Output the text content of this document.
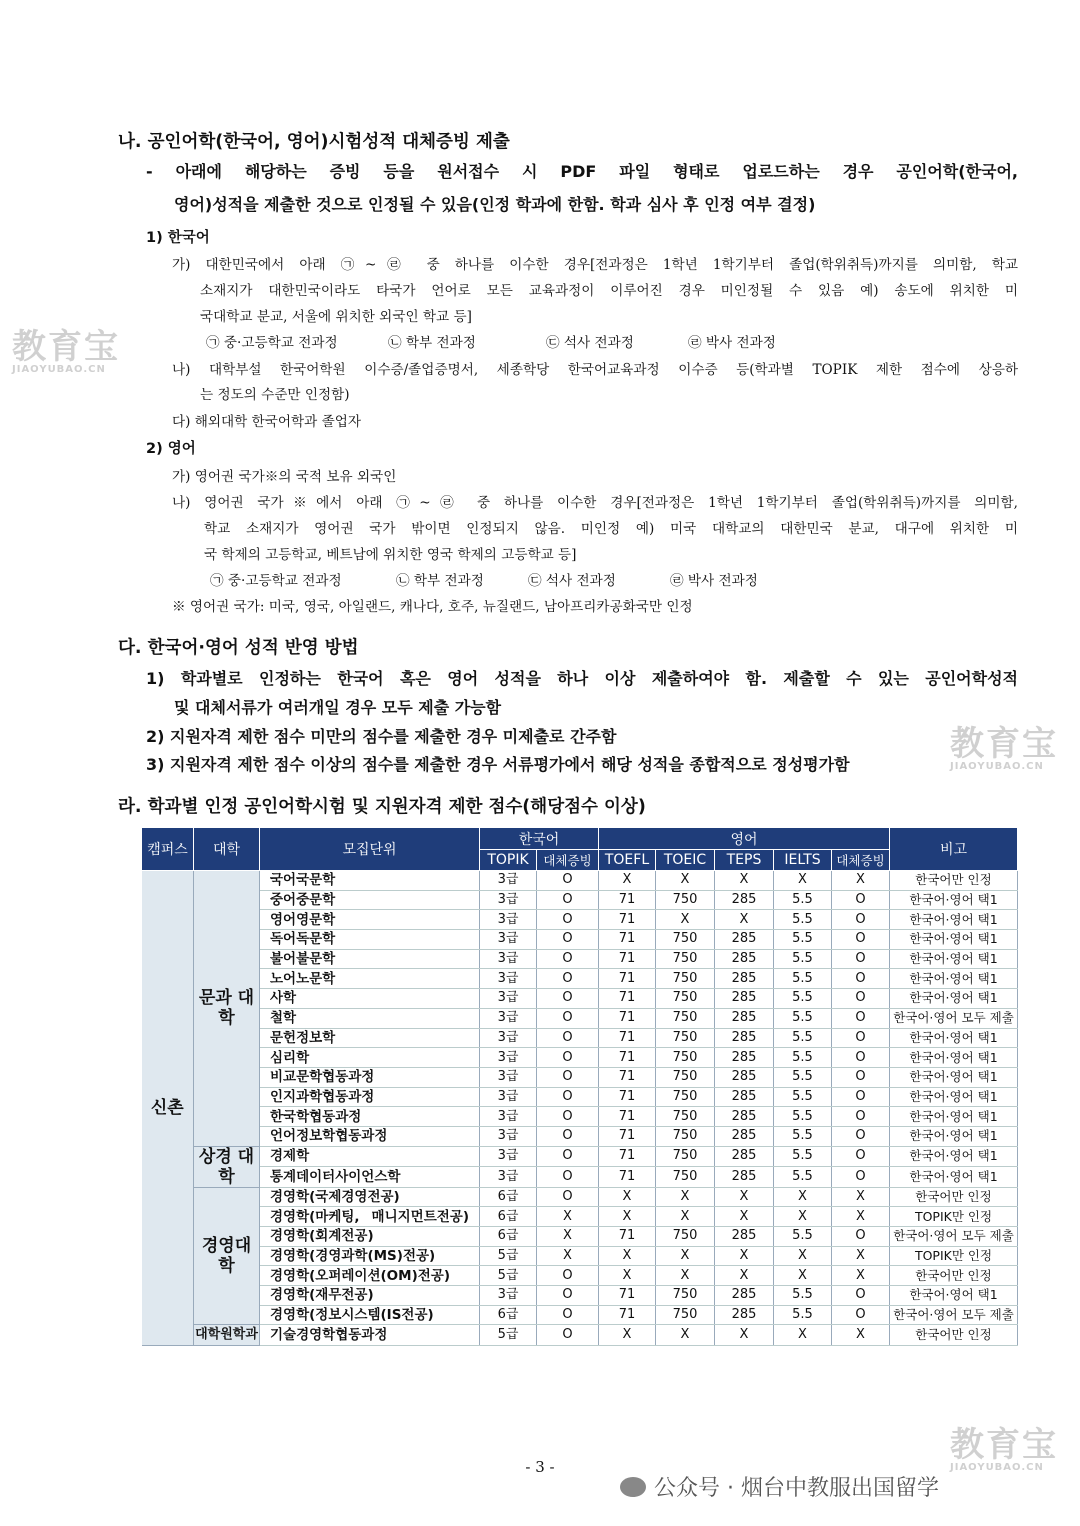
나. 공인어학(한국어, 영어)시험성적 대체증빙 제출
- 아래에 해당하는 증빙 등을 원서접수 시 PDF 파일 형태로 업로드하는 경우 공인어학(한국어,
영어)성적을 제출한 것으로 인정될 수 있음(인정 학과에 한함. 학과 심사 후 인정 여부 결정)
1) 한국어
가) 대한민국에서 아래 ㉠~㉣ 중 하나를 이수한 경우[전과정은 1학년 1학기부터 졸업(학위취득)까지를 의미함, 학교
소재지가 대한민국이라도 타국가 언어로 모든 교육과정이 이루어진 경우 미인정될 수 있음 예) 송도에 위치한 미
국대학교 분교, 서울에 위치한 외국인 학교 등]
㉠ 중·고등학교 전과정	㉡ 학부 전과정	㉢ 석사 전과정	㉣ 박사 전과정
나) 대학부설 한국어학원 이수증/졸업증명서, 세종학당 한국어교육과정 이수증 등(학과별 TOPIK 제한 점수에 상응하
는 정도의 수준만 인정함)
다) 해외대학 한국어학과 졸업자
2) 영어
가) 영어권 국가※의 국적 보유 외국인
나) 영어권 국가※에서 아래 ㉠~㉣ 중 하나를 이수한 경우[전과정은 1학년 1학기부터 졸업(학위취득)까지를 의미함,
학교 소재지가 영어권 국가 밖이면 인정되지 않음. 미인정 예) 미국 대학교의 대한민국 분교, 대구에 위치한 미
국 학제의 고등학교, 베트남에 위치한 영국 학제의 고등학교 등]
㉠ 중·고등학교 전과정	㉡ 학부 전과정	㉢ 석사 전과정	㉣ 박사 전과정
※ 영어권 국가: 미국, 영국, 아일랜드, 캐나다, 호주, 뉴질랜드, 남아프리카공화국만 인정
다. 한국어·영어 성적 반영 방법
1) 학과별로 인정하는 한국어 혹은 영어 성적을 하나 이상 제출하여야 함. 제출할 수 있는 공인어학성적
및 대체서류가 여러개일 경우 모두 제출 가능함
2) 지원자격 제한 점수 미만의 점수를 제출한 경우 미제출로 간주함
3) 지원자격 제한 점수 이상의 점수를 제출한 경우 서류평가에서 해당 성적을 종합적으로 정성평가함
라. 학과별 인정 공인어학시험 및 지원자격 제한 점수(해당점수 이상)
캠퍼스	대학	모집단위	한국어		영어					비고
			TOPIK	대체증빙	TOEFL	TOEIC	TEPS	IELTS	대체증빙	
신촌	문과 대학	국어국문학	3급	O	X	X	X	X	X	한국어만 인정
		중어중문학	3급	O	71	750	285	5.5	O	한국어·영어 택1
		영어영문학	3급	O	71	X	X	5.5	O	한국어·영어 택1
		독어독문학	3급	O	71	750	285	5.5	O	한국어·영어 택1
		불어불문학	3급	O	71	750	285	5.5	O	한국어·영어 택1
		노어노문학	3급	O	71	750	285	5.5	O	한국어·영어 택1
		사학	3급	O	71	750	285	5.5	O	한국어·영어 택1
		철학	3급	O	71	750	285	5.5	O	한국어·영어 모두 제출
		문헌정보학	3급	O	71	750	285	5.5	O	한국어·영어 택1
		심리학	3급	O	71	750	285	5.5	O	한국어·영어 택1
		비교문학협동과정	3급	O	71	750	285	5.5	O	한국어·영어 택1
		인지과학협동과정	3급	O	71	750	285	5.5	O	한국어·영어 택1
		한국학협동과정	3급	O	71	750	285	5.5	O	한국어·영어 택1
		언어정보학협동과정	3급	O	71	750	285	5.5	O	한국어·영어 택1
	상경 대학	경제학	3급	O	71	750	285	5.5	O	한국어·영어 택1
		통계데이터사이언스학	3급	O	71	750	285	5.5	O	한국어·영어 택1
	경영대학	경영학(국제경영전공)	6급	O	X	X	X	X	X	한국어만 인정
		경영학(마케팅, 매니지먼트전공)	6급	X	X	X	X	X	X	TOPIK만 인정
		경영학(회계전공)	6급	X	71	750	285	5.5	O	한국어·영어 모두 제출
		경영학(경영과학(MS)전공)	5급	X	X	X	X	X	X	TOPIK만 인정
		경영학(오퍼레이션(OM)전공)	5급	O	X	X	X	X	X	한국어만 인정
		경영학(재무전공)	3급	O	71	750	285	5.5	O	한국어·영어 택1
		경영학(정보시스템(IS전공)	6급	O	71	750	285	5.5	O	한국어·영어 모두 제출
	대학원학과	기술경영학협동과정	5급	O	X	X	X	X	X	한국어만 인정
教育宝
JIAOYUBAO.CN
教育宝
JIAOYUBAO.CN
教育宝
JIAOYUBAO.CN
- 3 -
公众号 · 烟台中教服出国留学
